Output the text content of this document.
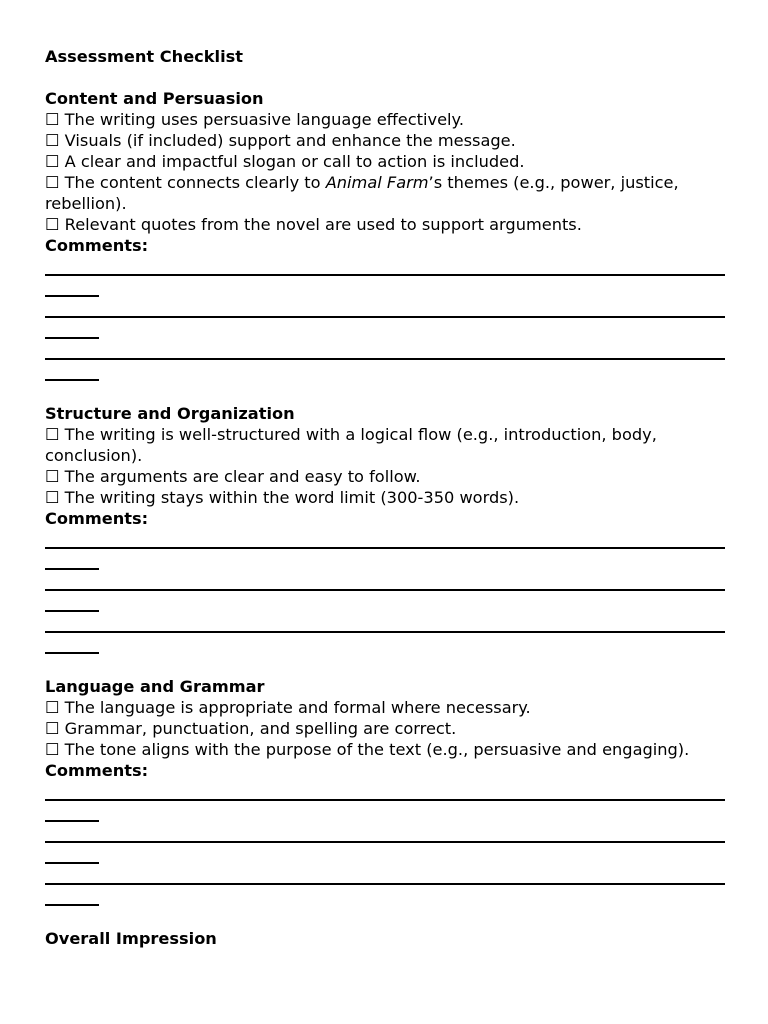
Assessment Checklist
Content and Persuasion
☐ The writing uses persuasive language effectively.
☐ Visuals (if included) support and enhance the message.
☐ A clear and impactful slogan or call to action is included.
☐ The content connects clearly to Animal Farm’s themes (e.g., power, justice, rebellion).
☐ Relevant quotes from the novel are used to support arguments.
Comments:
Structure and Organization
☐ The writing is well-structured with a logical flow (e.g., introduction, body, conclusion).
☐ The arguments are clear and easy to follow.
☐ The writing stays within the word limit (300-350 words).
Comments:
Language and Grammar
☐ The language is appropriate and formal where necessary.
☐ Grammar, punctuation, and spelling are correct.
☐ The tone aligns with the purpose of the text (e.g., persuasive and engaging).
Comments:
Overall Impression
